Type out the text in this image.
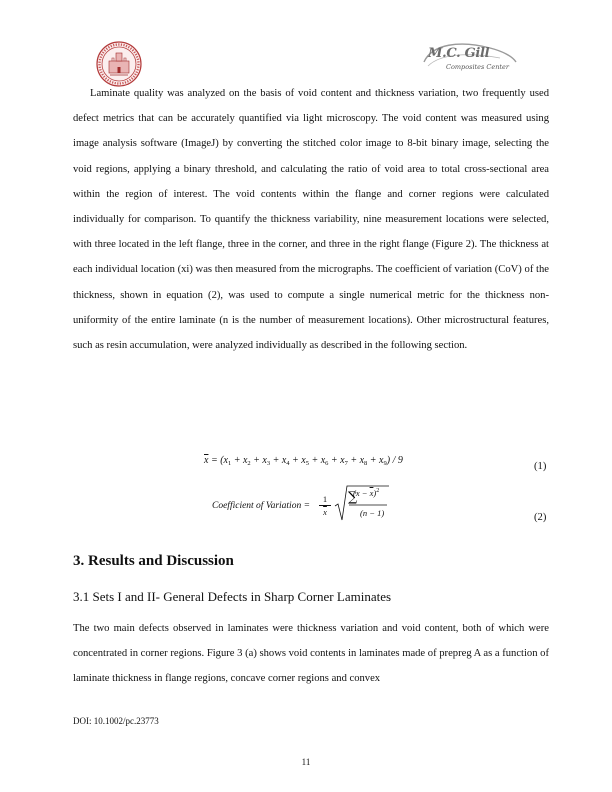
M.C. Gill
Composites Center

Laminate quality was analyzed on the basis of void content and thickness variation, two frequently used defect metrics that can be accurately quantified via light microscopy. The void content was measured using image analysis software (ImageJ) by converting the stitched color image to 8-bit binary image, selecting the void regions, applying a binary threshold, and calculating the ratio of void area to total cross-sectional area within the region of interest. The void contents within the flange and corner regions were calculated individually for comparison. To quantify the thickness variability, nine measurement locations were selected, with three located in the left flange, three in the corner, and three in the right flange (Figure 2). The thickness at each individual location (xi) was then measured from the micrographs. The coefficient of variation (CoV) of the thickness, shown in equation (2), was used to compute a single numerical metric for the thickness non-uniformity of the entire laminate (n is the number of measurement locations). Other microstructural features, such as resin accumulation, were analyzed individually as described in the following section.

$\overline{x} = (x_1 + x_2 + x_3 + x_4 + x_5 + x_6 + x_7 + x_8 + x_9) / 9$
(1)
Coefficient of Variation = $\frac{1}{x}$ ∑
$(x - \overline{x})^2$
(n − 1)	(2)
3. Results and Discussion
3.1 Sets I and II- General Defects in Sharp Corner Laminates

The two main defects observed in laminates were thickness variation and void content, both of which were concentrated in corner regions. Figure 3 (a) shows void contents in laminates made of prepreg A as a function of laminate thickness in flange regions, concave corner regions and convex

DOI: 10.1002/pc.23773
11
